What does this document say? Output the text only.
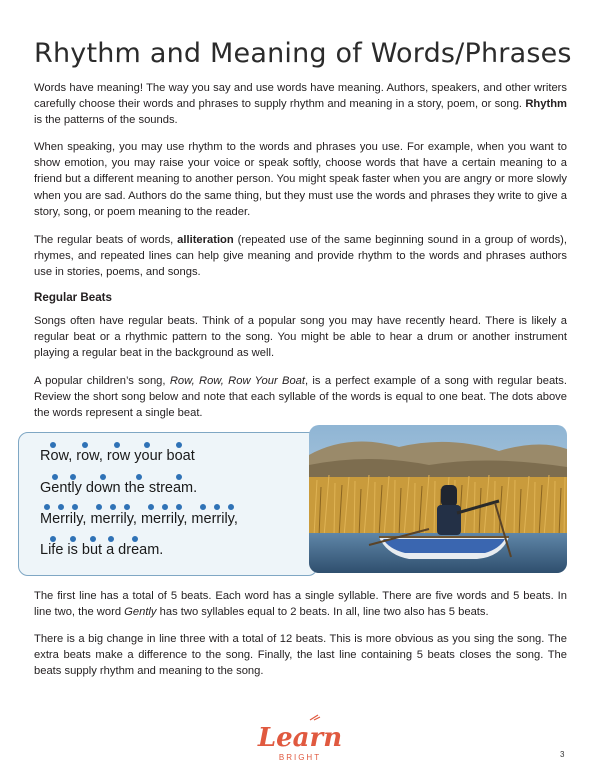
Rhythm and Meaning of Words/Phrases

Words have meaning! The way you say and use words have meaning. Authors, speakers, and other writers carefully choose their words and phrases to supply rhythm and meaning in a story, poem, or song. Rhythm is the patterns of the sounds.

When speaking, you may use rhythm to the words and phrases you use. For example, when you want to show emotion, you may raise your voice or speak softly, choose words that have a certain meaning to a friend but a different meaning to another person. You might speak faster when you are angry or more slowly when you are sad. Authors do the same thing, but they must use the words and phrases they write to give a story, song, or poem meaning to the reader.

The regular beats of words, alliteration (repeated use of the same beginning sound in a group of words), rhymes, and repeated lines can help give meaning and provide rhythm to the words and phrases authors use in stories, poems, and songs.

Regular Beats

Songs often have regular beats. Think of a popular song you may have recently heard. There is likely a regular beat or a rhythmic pattern to the song. You might be able to hear a drum or another instrument playing a regular beat in the background as well.

A popular children’s song, Row, Row, Row Your Boat, is a perfect example of a song with regular beats. Review the short song below and note that each syllable of the words is equal to one beat. The dots above the words represent a single beat.

Row, row, row your boat
Gently down the stream.
Merrily, merrily, merrily, merrily,
Life is but a dream.

The first line has a total of 5 beats. Each word has a single syllable. There are five words and 5 beats. In line two, the word Gently has two syllables equal to 2 beats. In all, line two also has 5 beats.

There is a big change in line three with a total of 12 beats. This is more obvious as you sing the song. The extra beats make a difference to the song. Finally, the last line containing 5 beats closes the song. The beats supply rhythm and meaning to the song.

Learn
BRIGHT	3
